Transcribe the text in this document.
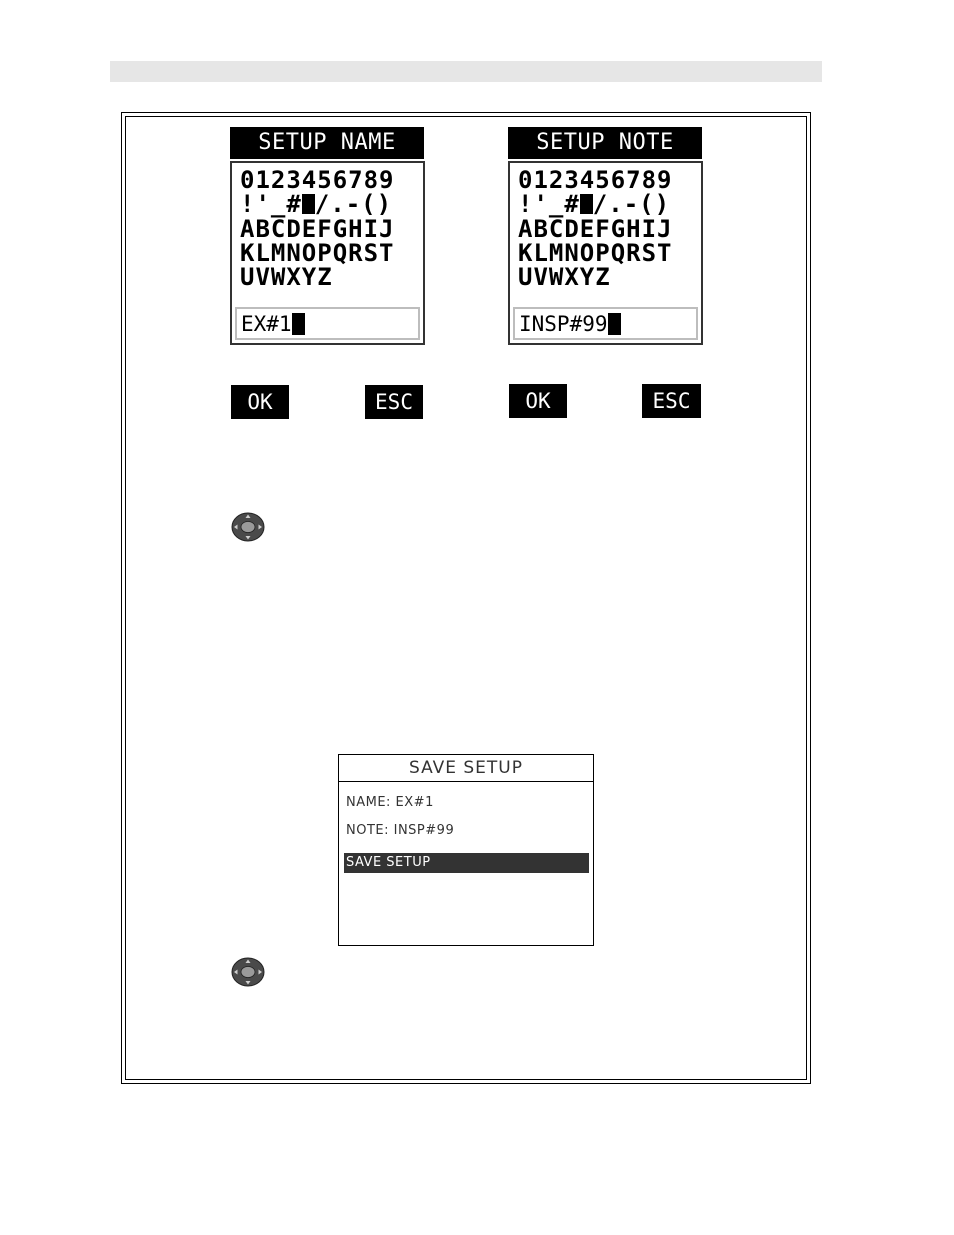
SETUP NAME
0123456789
!'_# /.-()
ABCDEFGHIJ
KLMNOPQRST
UVWXYZ
EX#1
SETUP NOTE
0123456789
!'_# /.-()
ABCDEFGHIJ
KLMNOPQRST
UVWXYZ
INSP#99
OK	ESC	OK	ESC
SAVE SETUP
NAME: EX#1
NOTE: INSP#99
SAVE SETUP
